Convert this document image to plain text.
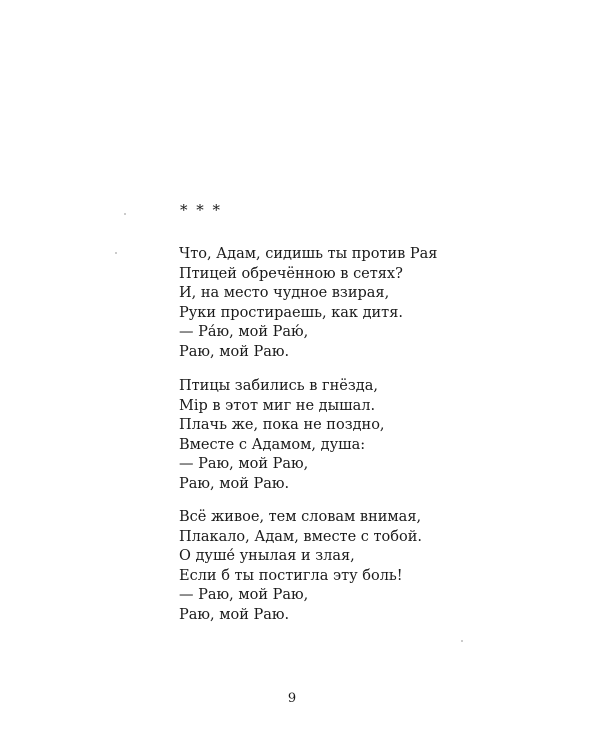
* * *
Что, Адам, сидишь ты против Рая
Птицей обречённою в сетях?
И, на место чудное взирая,
Руки простираешь, как дитя.
— Ра́ю, мой Раю́,
Раю, мой Раю.
Птицы забились в гнёзда,
Мір в этот миг не дышал.
Плачь же, пока не поздно,
Вместе с Адамом, душа:
— Раю, мой Раю,
Раю, мой Раю.
Всё живое, тем словам внимая,
Плакало, Адам, вместе с тобой.
О душе́ унылая и злая,
Если б ты постигла эту боль!
— Раю, мой Раю,
Раю, мой Раю.
9
